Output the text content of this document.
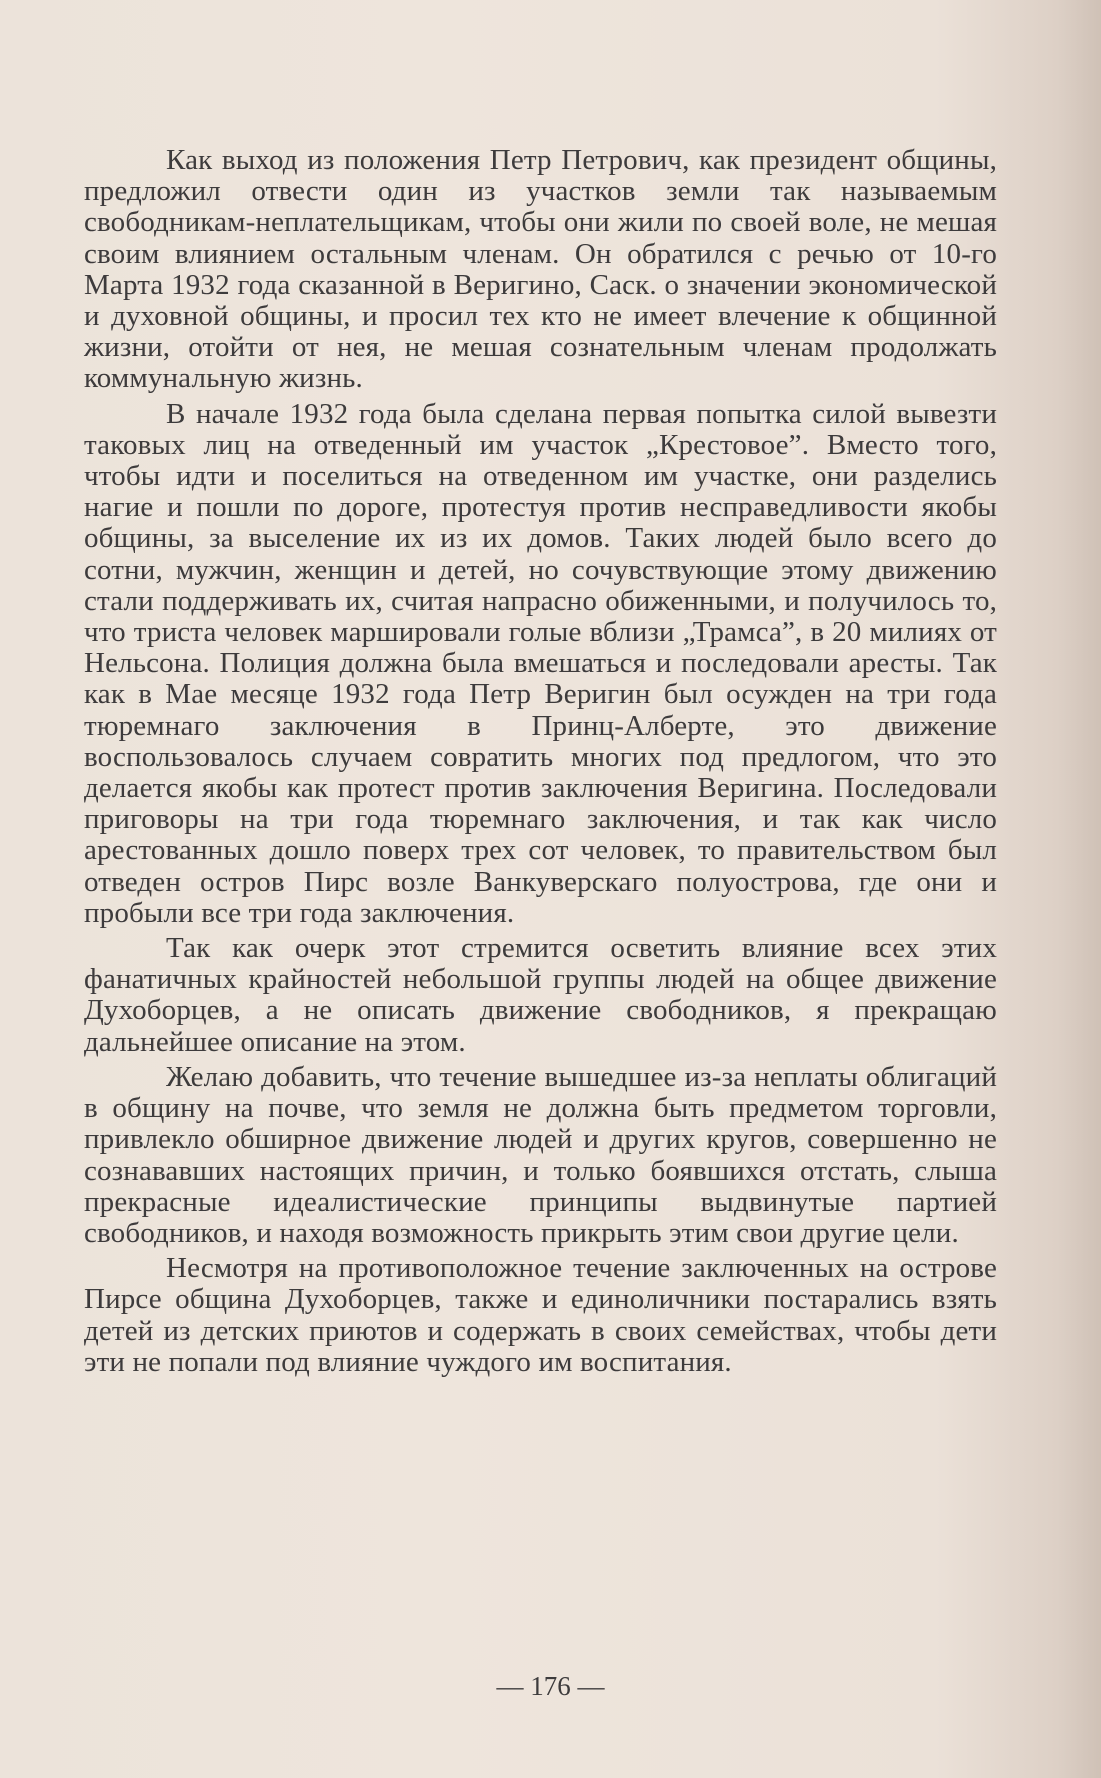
Как выход из положения Петр Петрович, как президент общины, предложил отвести один из участков земли так называемым свободникам-неплательщикам, чтобы они жили по своей воле, не мешая своим влиянием остальным членам. Он обратился с речью от 10-го Марта 1932 года сказанной в Веригино, Саск. о значении экономической и духовной общины, и просил тех кто не имеет влечение к общинной жизни, отойти от нея, не мешая сознательным членам продолжать коммунальную жизнь.

В начале 1932 года была сделана первая попытка силой вывезти таковых лиц на отведенный им участок „Крестовое”. Вместо того, чтобы идти и поселиться на отведенном им участке, они разделись нагие и пошли по дороге, протестуя против несправедливости якобы общины, за выселение их из их домов. Таких людей было всего до сотни, мужчин, женщин и детей, но сочувствующие этому движению стали поддерживать их, считая напрасно обиженными, и получилось то, что триста человек маршировали голые вблизи „Трамса”, в 20 милиях от Нельсона. Полиция должна была вмешаться и последовали аресты. Так как в Мае месяце 1932 года Петр Веригин был осужден на три года тюремнаго заключения в Принц-Алберте, это движение воспользовалось случаем совратить многих под предлогом, что это делается якобы как протест против заключения Веригина. Последовали приговоры на три года тюремнаго заключения, и так как число арестованных дошло поверх трех сот человек, то правительством был отведен остров Пирс возле Ванкуверскаго полуострова, где они и пробыли все три года заключения.

Так как очерк этот стремится осветить влияние всех этих фанатичных крайностей небольшой группы людей на общее движение Духоборцев, а не описать движение свободников, я прекращаю дальнейшее описание на этом.

Желаю добавить, что течение вышедшее из-за неплаты облигаций в общину на почве, что земля не должна быть предметом торговли, привлекло обширное движение людей и других кругов, совершенно не сознававших настоящих причин, и только боявшихся отстать, слыша прекрасные идеалистические принципы выдвинутые партией свободников, и находя возможность прикрыть этим свои другие цели.

Несмотря на противоположное течение заключенных на острове Пирсе община Духоборцев, также и единоличники постарались взять детей из детских приютов и содержать в своих семействах, чтобы дети эти не попали под влияние чуждого им воспитания.

— 176 —
